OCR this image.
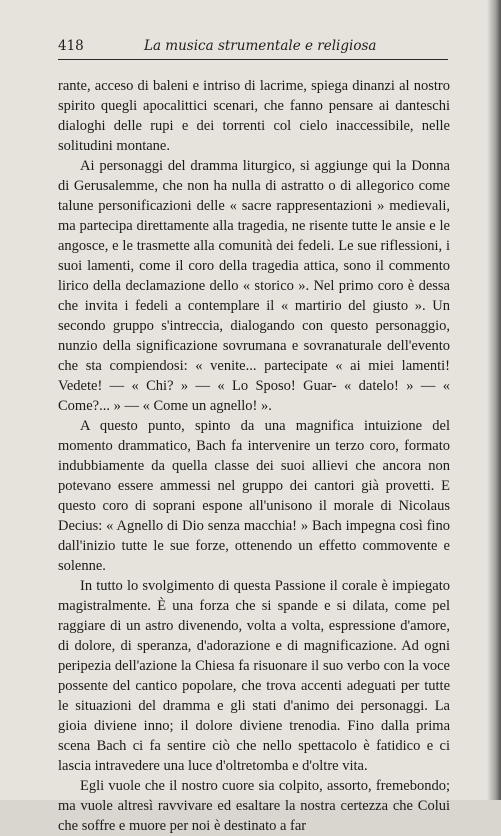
418	La musica strumentale e religiosa

rante, acceso di baleni e intriso di lacrime, spiega dinanzi al nostro spirito quegli apocalittici scenari, che fanno pensare ai danteschi dialoghi delle rupi e dei torrenti col cielo inaccessibile, nelle solitudini montane.

Ai personaggi del dramma liturgico, si aggiunge qui la Donna di Gerusalemme, che non ha nulla di astratto o di allegorico come talune personificazioni delle « sacre rappresentazioni » medievali, ma partecipa direttamente alla tragedia, ne risente tutte le ansie e le angosce, e le trasmette alla comunità dei fedeli. Le sue riflessioni, i suoi lamenti, come il coro della tragedia attica, sono il commento lirico della declamazione dello « storico ». Nel primo coro è dessa che invita i fedeli a contemplare il « martirio del giusto ». Un secondo gruppo s'intreccia, dialogando con questo personaggio, nunzio della significazione sovrumana e sovranaturale dell'evento che sta compiendosi: « venite... partecipate « ai miei lamenti! Vedete! — « Chi? » — « Lo Sposo! Guar- « datelo! » — « Come?... » — « Come un agnello! ».

A questo punto, spinto da una magnifica intuizione del momento drammatico, Bach fa intervenire un terzo coro, formato indubbiamente da quella classe dei suoi allievi che ancora non potevano essere ammessi nel gruppo dei cantori già provetti. E questo coro di soprani espone all'unisono il morale di Nicolaus Decius: « Agnello di Dio senza macchia! » Bach impegna così fino dall'inizio tutte le sue forze, ottenendo un effetto commovente e solenne.

In tutto lo svolgimento di questa Passione il corale è impiegato magistralmente. È una forza che si spande e si dilata, come pel raggiare di un astro divenendo, volta a volta, espressione d'amore, di dolore, di speranza, d'adorazione e di magnificazione. Ad ogni peripezia dell'azione la Chiesa fa risuonare il suo verbo con la voce possente del cantico popolare, che trova accenti adeguati per tutte le situazioni del dramma e gli stati d'animo dei personaggi. La gioia diviene inno; il dolore diviene trenodia. Fino dalla prima scena Bach ci fa sentire ciò che nello spettacolo è fatidico e ci lascia intravedere una luce d'oltretomba e d'oltre vita.

Egli vuole che il nostro cuore sia colpito, assorto, fremebondo; ma vuole altresì ravvivare ed esaltare la nostra certezza che Colui che soffre e muore per noi è destinato a far
